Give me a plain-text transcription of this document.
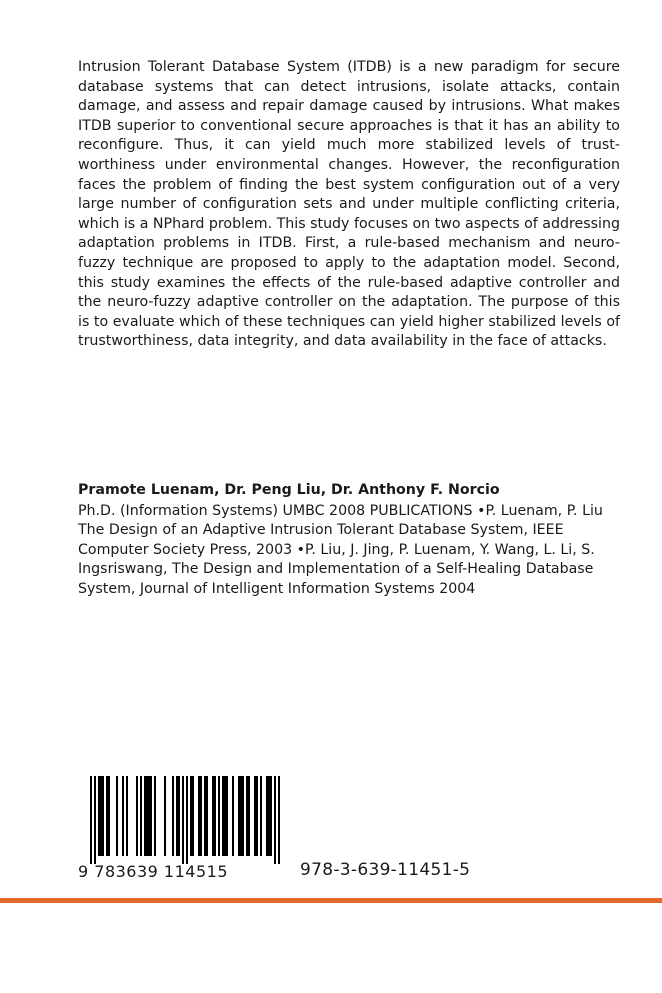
Intrusion Tolerant Database System (ITDB) is a new paradigm for secure database systems that can detect intrusions, isolate attacks, contain damage, and assess and repair damage caused by intrusions. What makes ITDB superior to conventional secure approaches is that it has an ability to reconfigure. Thus, it can yield much more stabilized levels of trust-worthiness under environmental changes. However, the reconfiguration faces the problem of finding the best system configuration out of a very large number of configuration sets and under multiple conflicting criteria, which is a NPhard problem. This study focuses on two aspects of addressing adaptation problems in ITDB. First, a rule-based mechanism and neuro-fuzzy technique are proposed to apply to the adaptation model. Second, this study examines the effects of the rule-based adaptive controller and the neuro-fuzzy adaptive controller on the adaptation. The purpose of this is to evaluate which of these techniques can yield higher stabilized levels of trustworthiness, data integrity, and data availability in the face of attacks.

Pramote Luenam, Dr. Peng Liu, Dr. Anthony F. Norcio

Ph.D. (Information Systems) UMBC 2008 PUBLICATIONS •P. Luenam, P. Liu The Design of an Adaptive Intrusion Tolerant Database System, IEEE Computer Society Press, 2003 •P. Liu, J. Jing, P. Luenam, Y. Wang, L. Li, S. Ingsriswang, The Design and Implementation of a Self-Healing Database System, Journal of Intelligent Information Systems 2004

9 783639 114515	978-3-639-11451-5
